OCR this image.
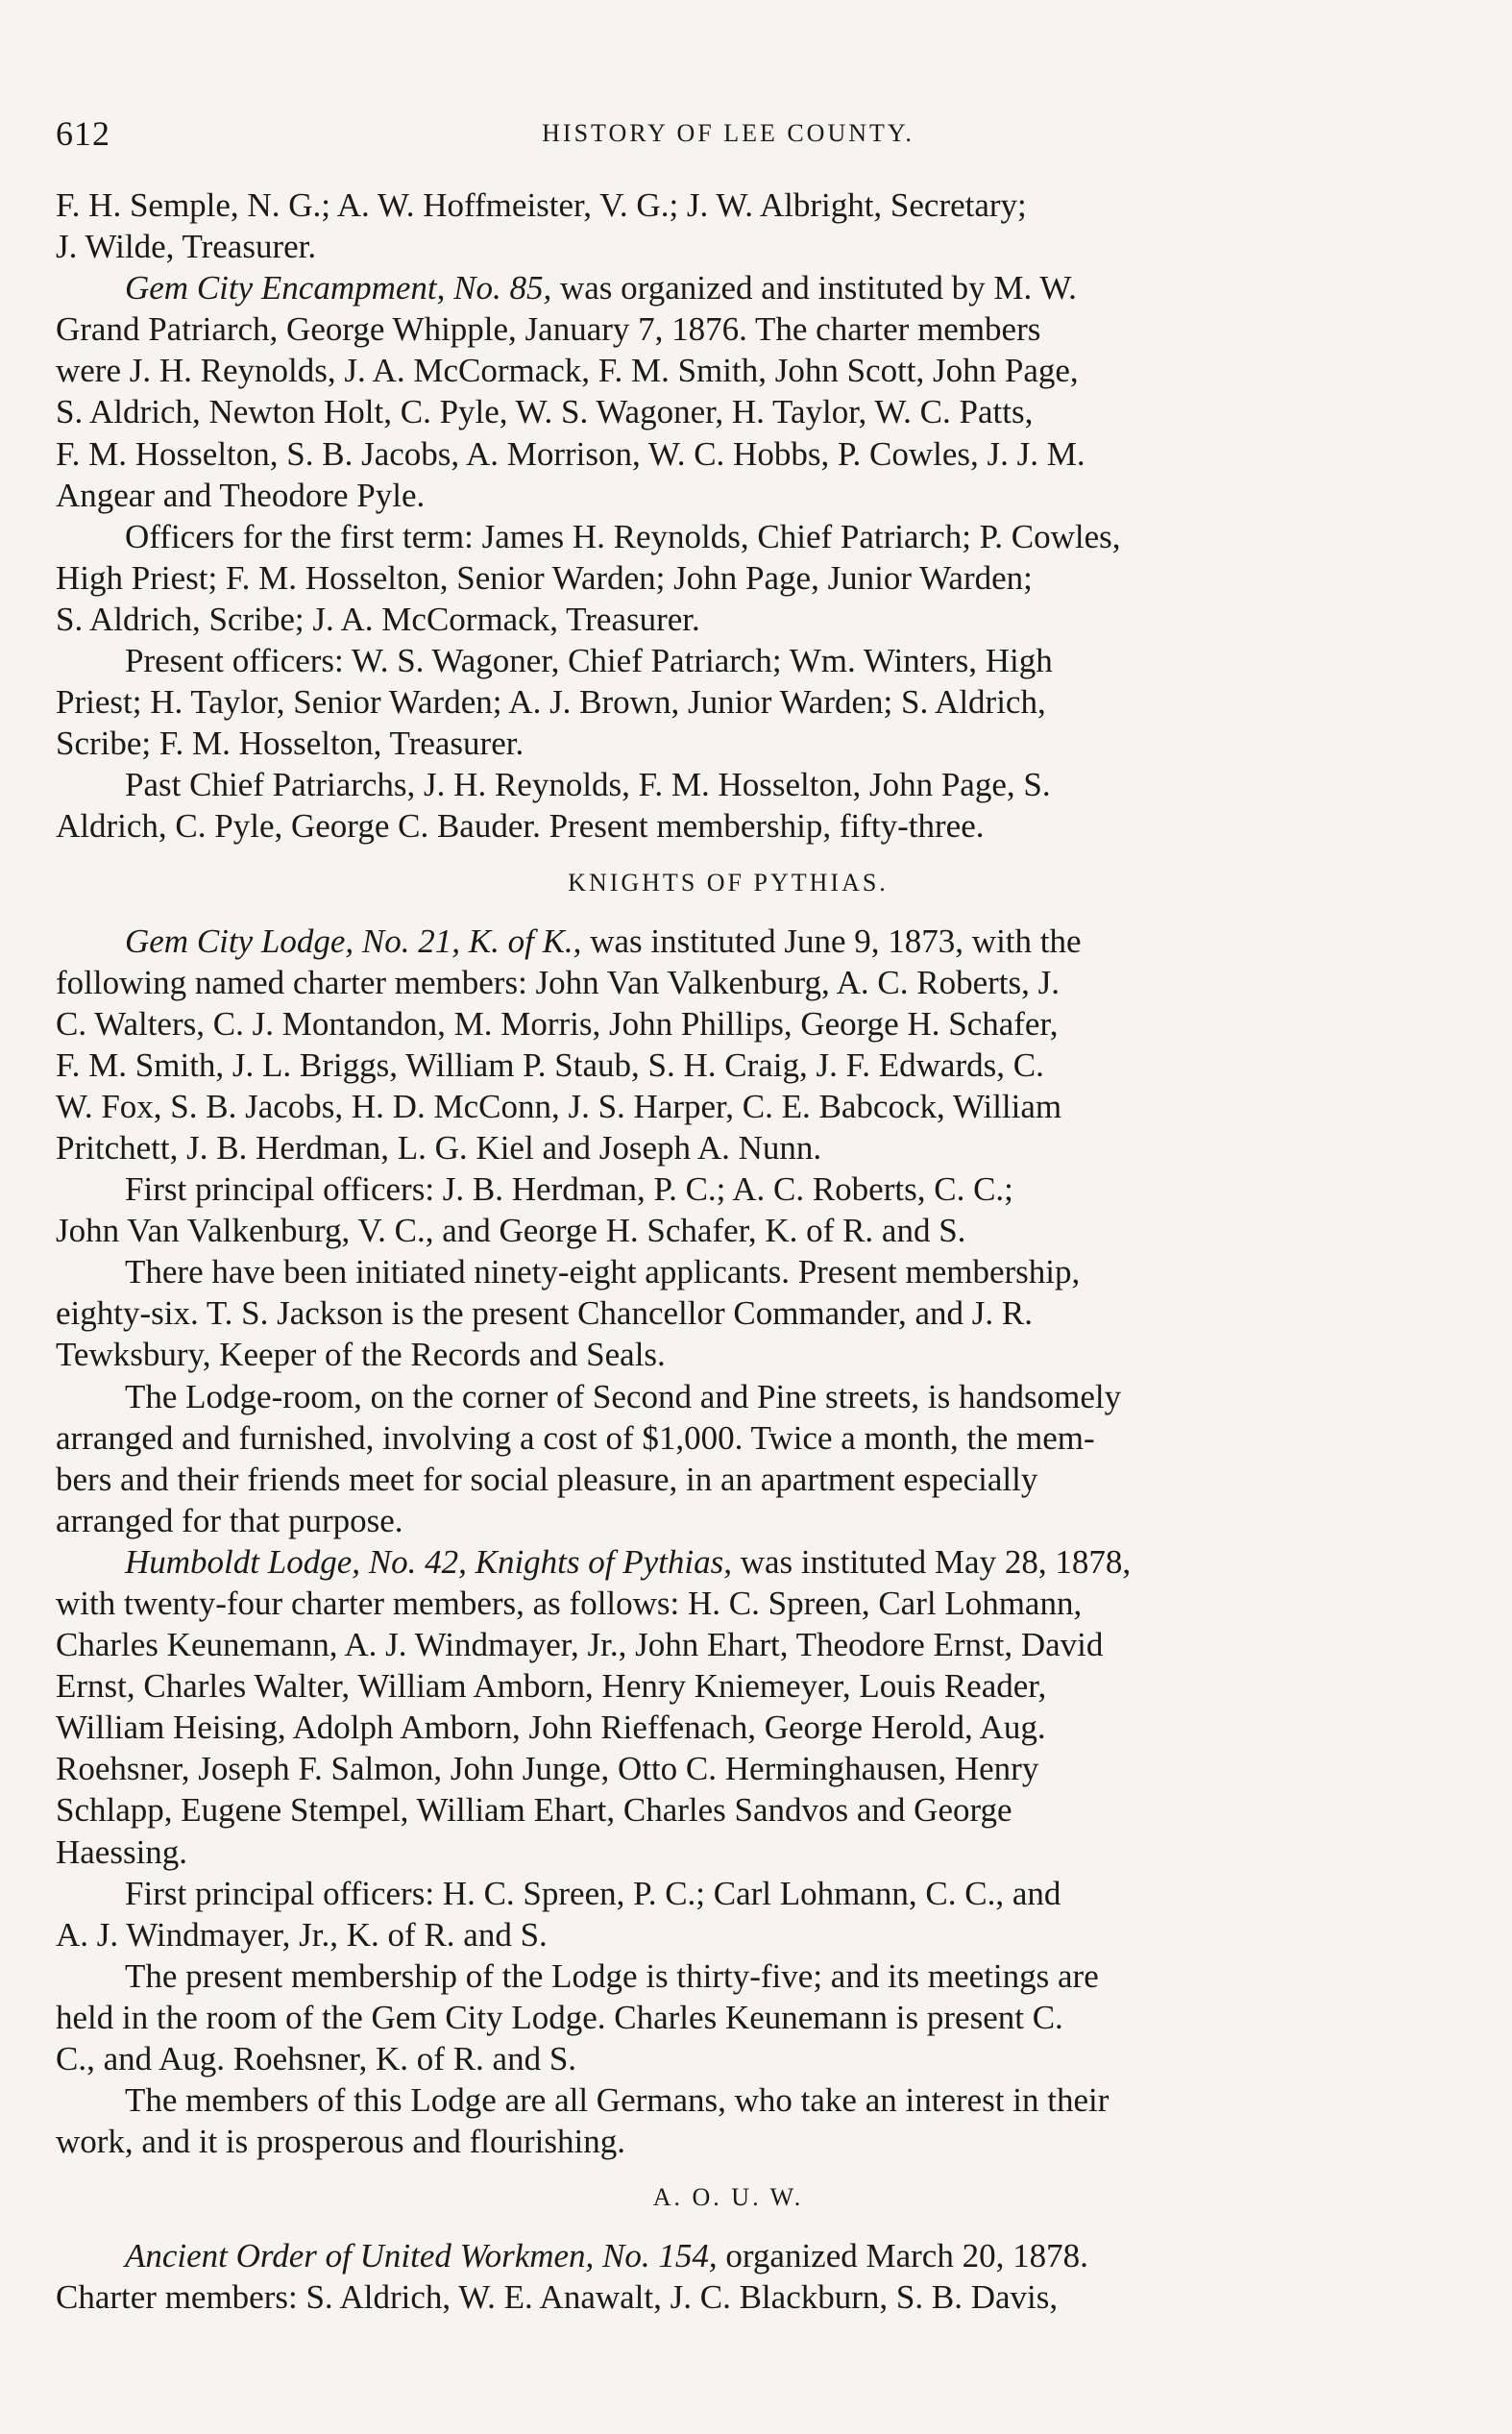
612	HISTORY OF LEE COUNTY.

F. H. Semple, N. G.; A. W. Hoffmeister, V. G.; J. W. Albright, Secretary;
J. Wilde, Treasurer.

Gem City Encampment, No. 85, was organized and instituted by M. W.
Grand Patriarch, George Whipple, January 7, 1876. The charter members
were J. H. Reynolds, J. A. McCormack, F. M. Smith, John Scott, John Page,
S. Aldrich, Newton Holt, C. Pyle, W. S. Wagoner, H. Taylor, W. C. Patts,
F. M. Hosselton, S. B. Jacobs, A. Morrison, W. C. Hobbs, P. Cowles, J. J. M.
Angear and Theodore Pyle.

Officers for the first term: James H. Reynolds, Chief Patriarch; P. Cowles,
High Priest; F. M. Hosselton, Senior Warden; John Page, Junior Warden;
S. Aldrich, Scribe; J. A. McCormack, Treasurer.

Present officers: W. S. Wagoner, Chief Patriarch; Wm. Winters, High
Priest; H. Taylor, Senior Warden; A. J. Brown, Junior Warden; S. Aldrich,
Scribe; F. M. Hosselton, Treasurer.

Past Chief Patriarchs, J. H. Reynolds, F. M. Hosselton, John Page, S.
Aldrich, C. Pyle, George C. Bauder. Present membership, fifty-three.

KNIGHTS OF PYTHIAS.

Gem City Lodge, No. 21, K. of K., was instituted June 9, 1873, with the
following named charter members: John Van Valkenburg, A. C. Roberts, J.
C. Walters, C. J. Montandon, M. Morris, John Phillips, George H. Schafer,
F. M. Smith, J. L. Briggs, William P. Staub, S. H. Craig, J. F. Edwards, C.
W. Fox, S. B. Jacobs, H. D. McConn, J. S. Harper, C. E. Babcock, William
Pritchett, J. B. Herdman, L. G. Kiel and Joseph A. Nunn.

First principal officers: J. B. Herdman, P. C.; A. C. Roberts, C. C.;
John Van Valkenburg, V. C., and George H. Schafer, K. of R. and S.

There have been initiated ninety-eight applicants. Present membership,
eighty-six. T. S. Jackson is the present Chancellor Commander, and J. R.
Tewksbury, Keeper of the Records and Seals.

The Lodge-room, on the corner of Second and Pine streets, is handsomely
arranged and furnished, involving a cost of $1,000. Twice a month, the mem-
bers and their friends meet for social pleasure, in an apartment especially
arranged for that purpose.

Humboldt Lodge, No. 42, Knights of Pythias, was instituted May 28, 1878,
with twenty-four charter members, as follows: H. C. Spreen, Carl Lohmann,
Charles Keunemann, A. J. Windmayer, Jr., John Ehart, Theodore Ernst, David
Ernst, Charles Walter, William Amborn, Henry Kniemeyer, Louis Reader,
William Heising, Adolph Amborn, John Rieffenach, George Herold, Aug.
Roehsner, Joseph F. Salmon, John Junge, Otto C. Herminghausen, Henry
Schlapp, Eugene Stempel, William Ehart, Charles Sandvos and George
Haessing.

First principal officers: H. C. Spreen, P. C.; Carl Lohmann, C. C., and
A. J. Windmayer, Jr., K. of R. and S.

The present membership of the Lodge is thirty-five; and its meetings are
held in the room of the Gem City Lodge. Charles Keunemann is present C.
C., and Aug. Roehsner, K. of R. and S.

The members of this Lodge are all Germans, who take an interest in their
work, and it is prosperous and flourishing.

A. O. U. W.

Ancient Order of United Workmen, No. 154, organized March 20, 1878.
Charter members: S. Aldrich, W. E. Anawalt, J. C. Blackburn, S. B. Davis,
